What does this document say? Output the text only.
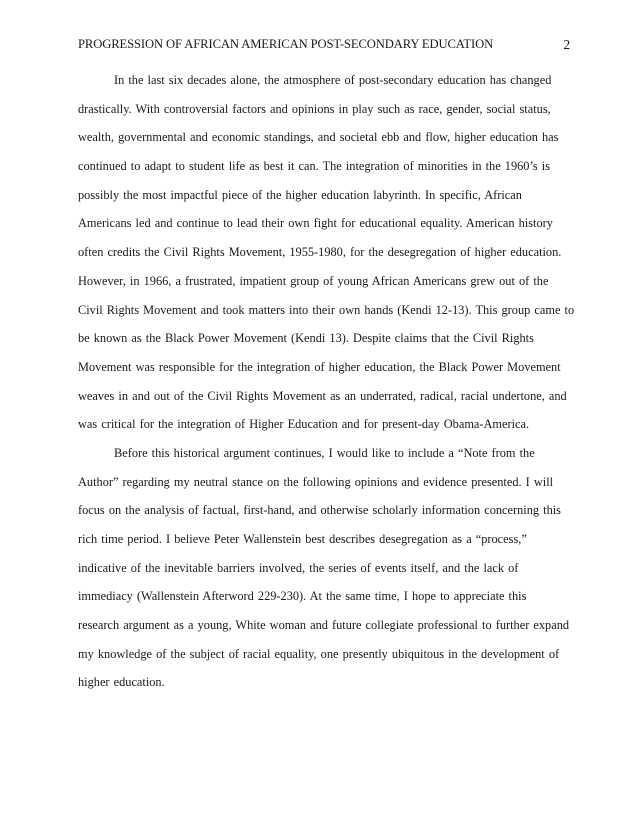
PROGRESSION OF AFRICAN AMERICAN POST-SECONDARY EDUCATION	2
In the last six decades alone, the atmosphere of post-secondary education has changed
drastically. With controversial factors and opinions in play such as race, gender, social status,
wealth, governmental and economic standings, and societal ebb and flow, higher education has
continued to adapt to student life as best it can. The integration of minorities in the 1960’s is
possibly the most impactful piece of the higher education labyrinth. In specific, African
Americans led and continue to lead their own fight for educational equality. American history
often credits the Civil Rights Movement, 1955-1980, for the desegregation of higher education.
However, in 1966, a frustrated, impatient group of young African Americans grew out of the
Civil Rights Movement and took matters into their own hands (Kendi 12-13). This group came to
be known as the Black Power Movement (Kendi 13). Despite claims that the Civil Rights
Movement was responsible for the integration of higher education, the Black Power Movement
weaves in and out of the Civil Rights Movement as an underrated, radical, racial undertone, and
was critical for the integration of Higher Education and for present-day Obama-America.
Before this historical argument continues, I would like to include a “Note from the
Author” regarding my neutral stance on the following opinions and evidence presented. I will
focus on the analysis of factual, first-hand, and otherwise scholarly information concerning this
rich time period. I believe Peter Wallenstein best describes desegregation as a “process,”
indicative of the inevitable barriers involved, the series of events itself, and the lack of
immediacy (Wallenstein Afterword 229-230). At the same time, I hope to appreciate this
research argument as a young, White woman and future collegiate professional to further expand
my knowledge of the subject of racial equality, one presently ubiquitous in the development of
higher education.
